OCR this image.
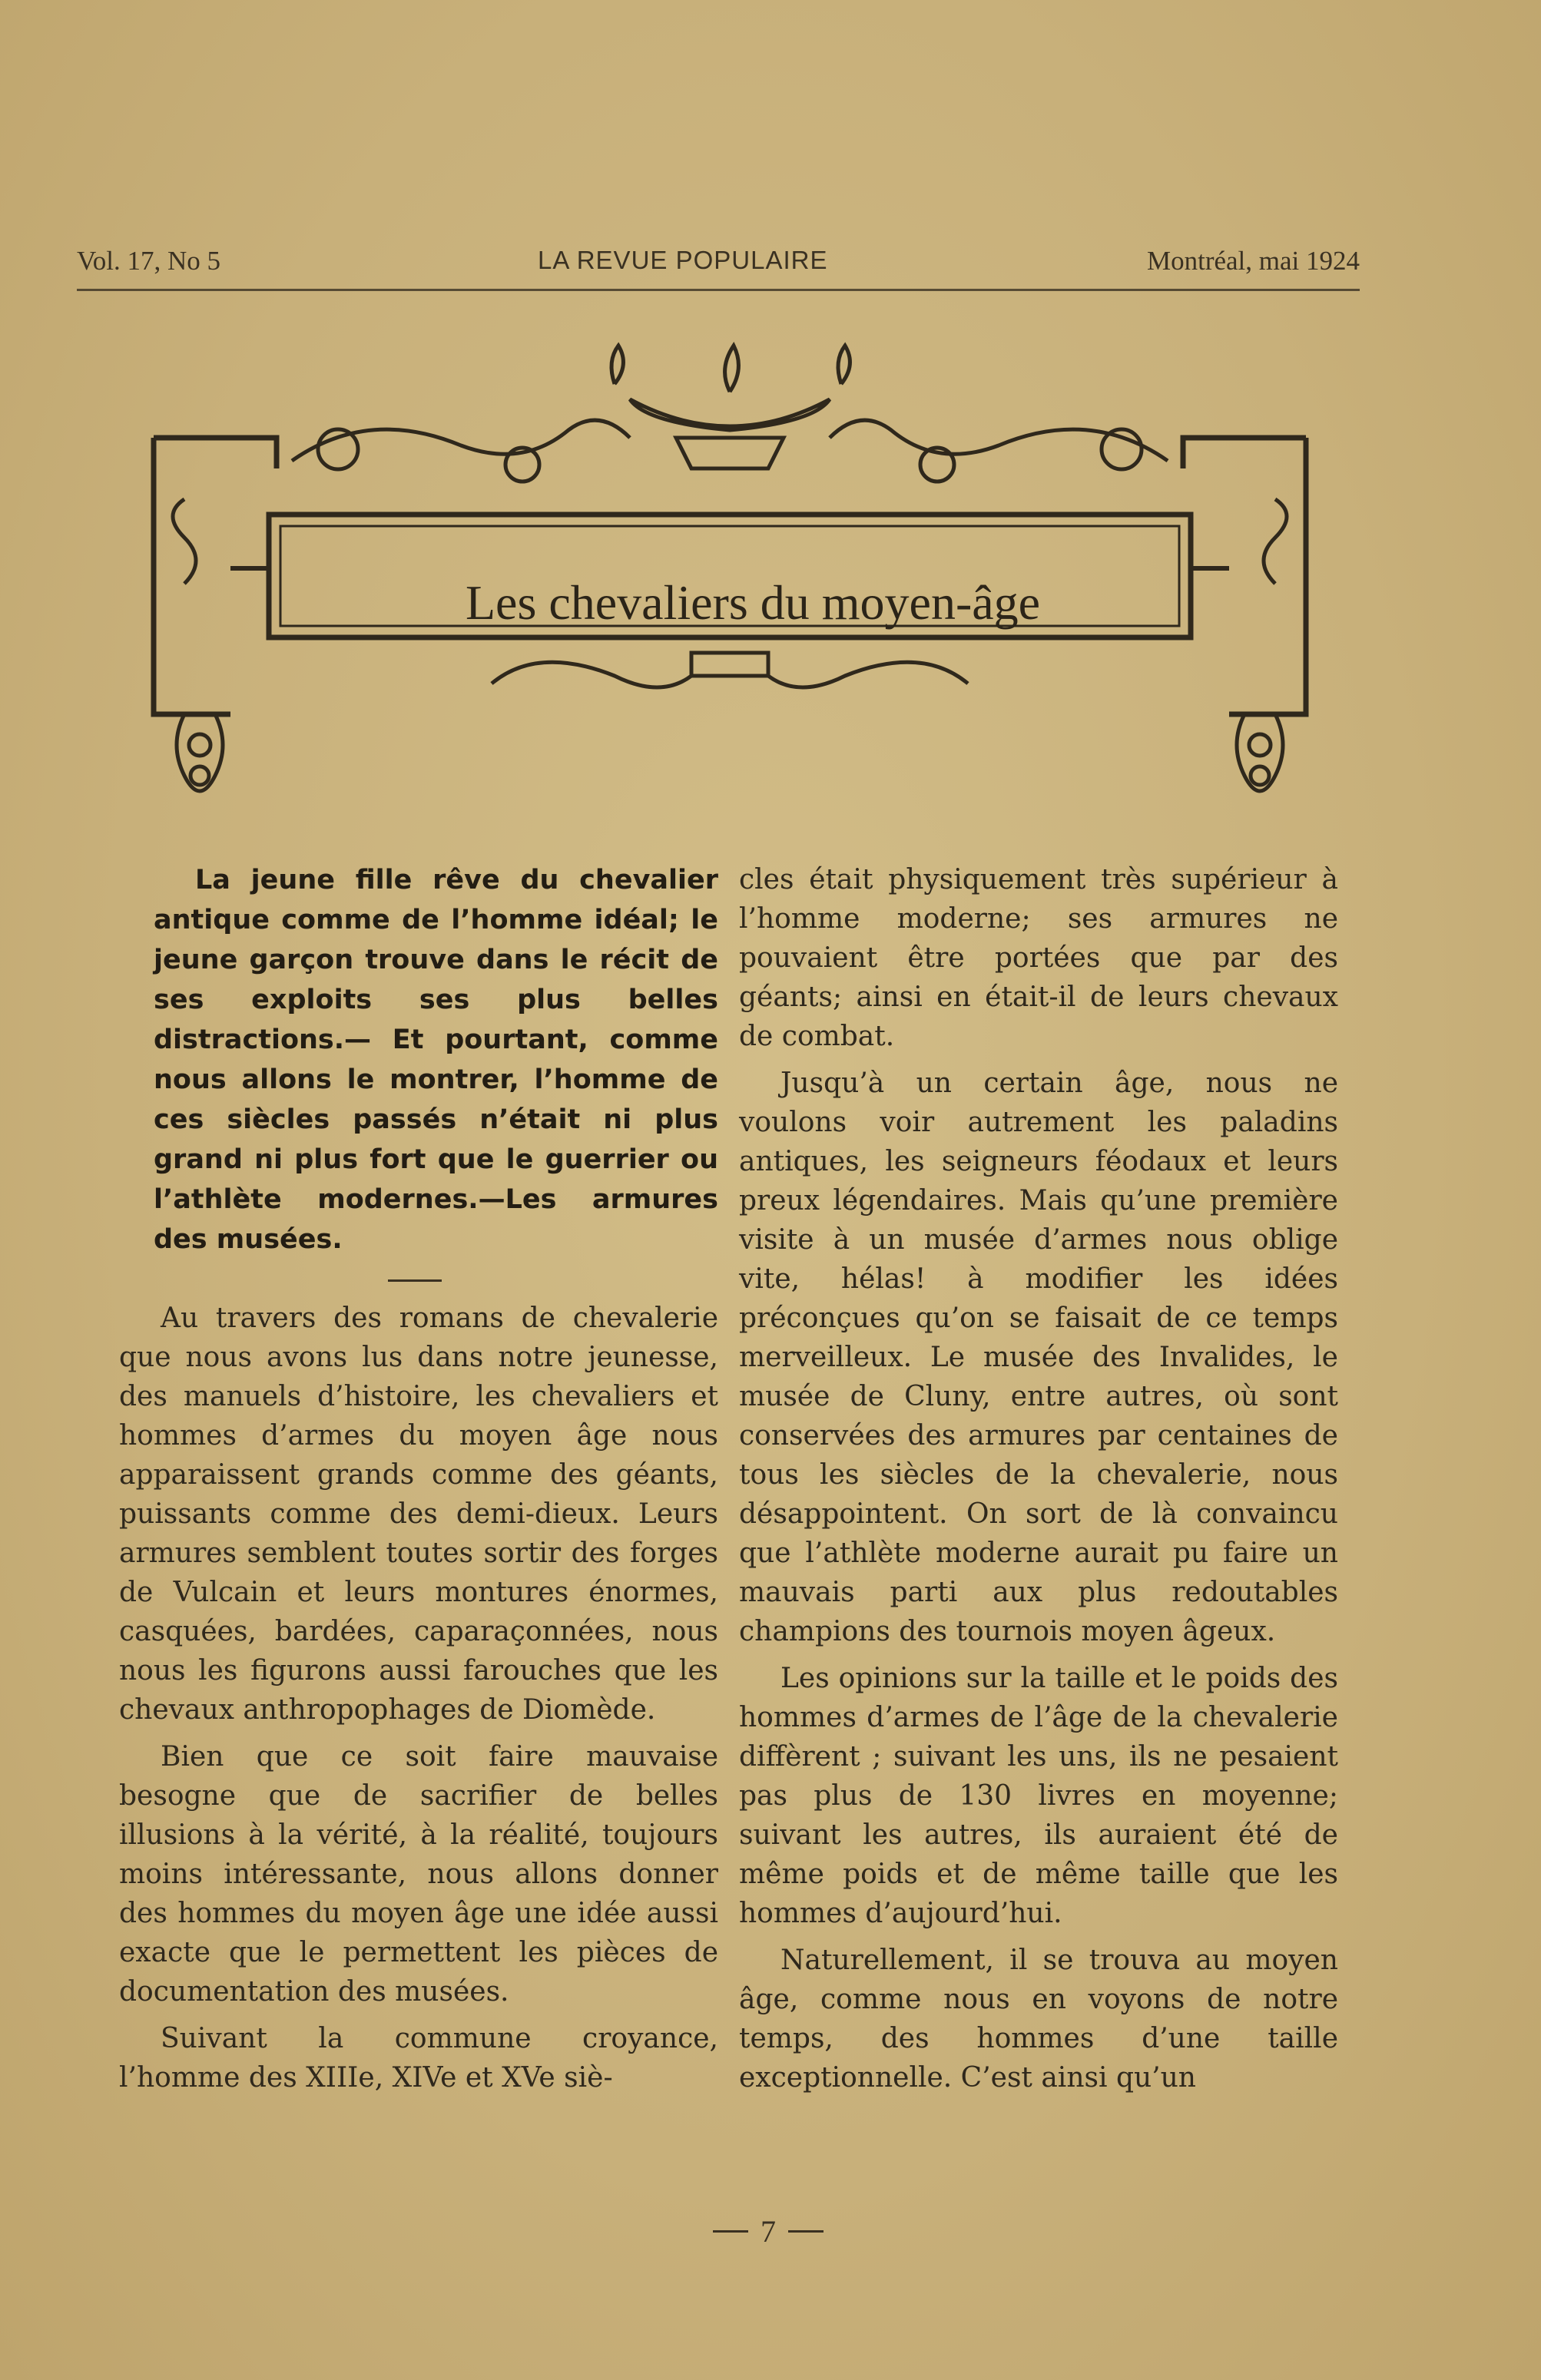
Vol. 17, No 5	LA REVUE POPULAIRE	Montréal, mai 1924
Les chevaliers du moyen-âge

La jeune fille rêve du chevalier antique comme de l’homme idéal; le jeune garçon trouve dans le récit de ses exploits ses plus belles distractions.— Et pourtant, comme nous allons le montrer, l’homme de ces siècles passés n’était ni plus grand ni plus fort que le guerrier ou l’athlète modernes.—Les armures des musées.

Au travers des romans de chevalerie que nous avons lus dans notre jeunesse, des manuels d’histoire, les chevaliers et hommes d’armes du moyen âge nous apparaissent grands comme des géants, puissants comme des demi-dieux. Leurs armures semblent toutes sortir des forges de Vulcain et leurs montures énormes, casquées, bardées, caparaçonnées, nous nous les figurons aussi farouches que les chevaux anthropophages de Diomède.

Bien que ce soit faire mauvaise besogne que de sacrifier de belles illusions à la vérité, à la réalité, toujours moins intéressante, nous allons donner des hommes du moyen âge une idée aussi exacte que le permettent les pièces de documentation des musées.

Suivant la commune croyance, l’homme des XIIIe, XIVe et XVe siè-

cles était physiquement très supérieur à l’homme moderne; ses armures ne pouvaient être portées que par des géants; ainsi en était-il de leurs chevaux de combat.

Jusqu’à un certain âge, nous ne voulons voir autrement les paladins antiques, les seigneurs féodaux et leurs preux légendaires. Mais qu’une première visite à un musée d’armes nous oblige vite, hélas! à modifier les idées préconçues qu’on se faisait de ce temps merveilleux. Le musée des Invalides, le musée de Cluny, entre autres, où sont conservées des armures par centaines de tous les siècles de la chevalerie, nous désappointent. On sort de là convaincu que l’athlète moderne aurait pu faire un mauvais parti aux plus redoutables champions des tournois moyen âgeux.

Les opinions sur la taille et le poids des hommes d’armes de l’âge de la chevalerie diffèrent ; suivant les uns, ils ne pesaient pas plus de 130 livres en moyenne; suivant les autres, ils auraient été de même poids et de même taille que les hommes d’aujourd’hui.

Naturellement, il se trouva au moyen âge, comme nous en voyons de notre temps, des hommes d’une taille exceptionnelle. C’est ainsi qu’un

7
